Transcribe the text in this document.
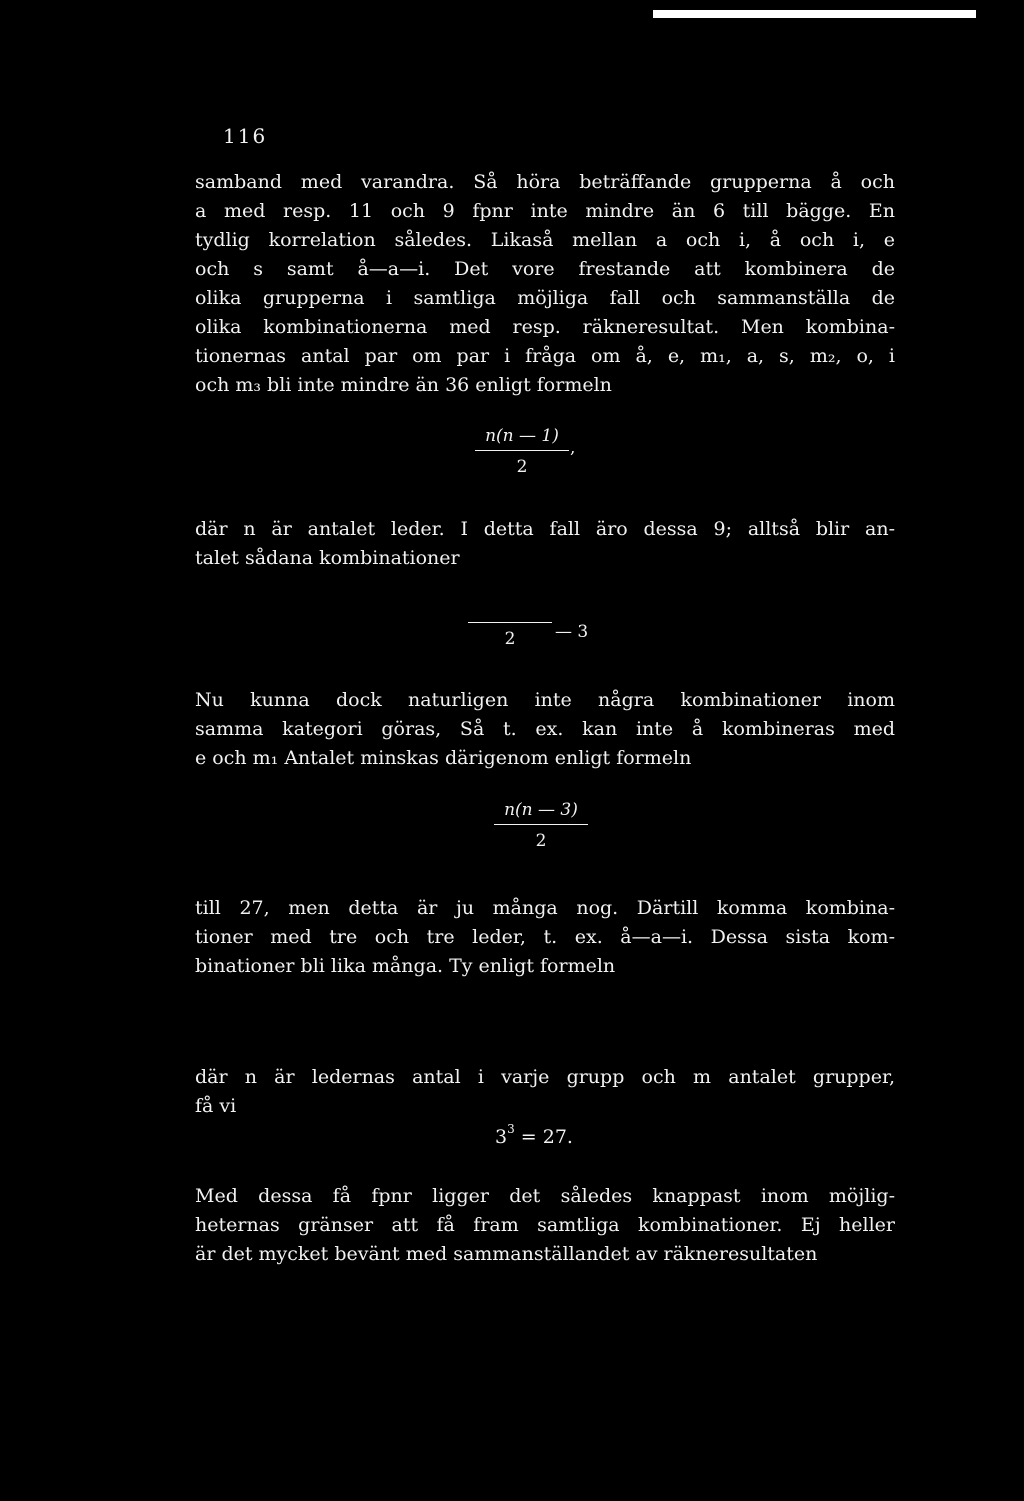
116
samband med varandra. Så höra beträffande grupperna å och
a med resp. 11 och 9 fpnr inte mindre än 6 till bägge. En
tydlig korrelation således. Likaså mellan a och i, å och i, e
och s samt å—a—i. Det vore frestande att kombinera de
olika grupperna i samtliga möjliga fall och sammanställa de
olika kombinationerna med resp. räkneresultat. Men kombina-
tionernas antal par om par i fråga om å, e, m₁, a, s, m₂, o, i
och m₃ bli inte mindre än 36 enligt formeln
n(n — 1)
2
,
där n är antalet leder. I detta fall äro dessa 9; alltså blir an-
talet sådana kombinationer
2	— 3
Nu kunna dock naturligen inte några kombinationer inom
samma kategori göras, Så t. ex. kan inte å kombineras med
e och m₁ Antalet minskas därigenom enligt formeln
n(n — 3)
2
till 27, men detta är ju många nog. Därtill komma kombina-
tioner med tre och tre leder, t. ex. å—a—i. Dessa sista kom-
binationer bli lika många. Ty enligt formeln
där n är ledernas antal i varje grupp och m antalet grupper,
få vi
$3^3 = 27$.
Med dessa få fpnr ligger det således knappast inom möjlig-
heternas gränser att få fram samtliga kombinationer. Ej heller
är det mycket bevänt med sammanställandet av räkneresultaten
